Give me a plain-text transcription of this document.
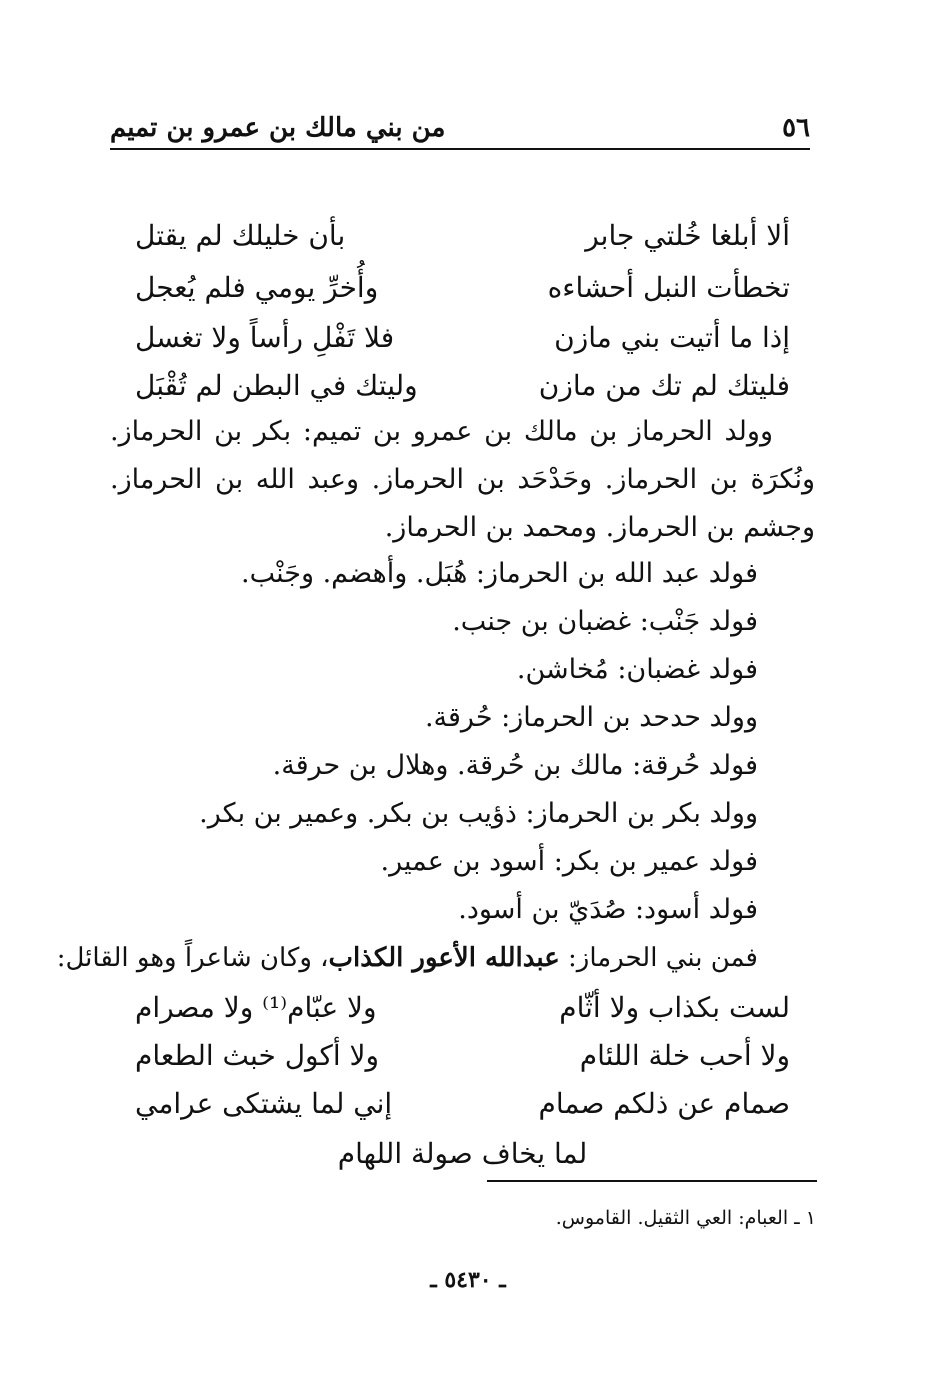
٥٦
من بني مالك بن عمرو بن تميم
ألا أبلغا خُلتي جابر
بأن خليلك لم يقتل
تخطأت النبل أحشاءه
وأُخرِّ يومي فلم يُعجل
إذا ما أتيت بني مازن
فلا تَفْلِ رأساً ولا تغسل
فليتك لم تك من مازن
وليتك في البطن لم تُقْبَل
وولد الحرماز بن مالك بن عمرو بن تميم: بكر بن الحرماز. ونُكرَة بن الحرماز. وحَدْحَد بن الحرماز. وعبد الله بن الحرماز. وجشم بن الحرماز. ومحمد بن الحرماز.
فولد عبد الله بن الحرماز: هُبَل. وأهضم. وجَنْب.
فولد جَنْب: غضبان بن جنب.
فولد غضبان: مُخاشن.
وولد حدحد بن الحرماز: حُرقة.
فولد حُرقة: مالك بن حُرقة. وهلال بن حرقة.
وولد بكر بن الحرماز: ذؤيب بن بكر. وعمير بن بكر.
فولد عمير بن بكر: أسود بن عمير.
فولد أسود: صُدَيّ بن أسود.
فمن بني الحرماز: عبدالله الأعور الكذاب، وكان شاعراً وهو القائل:
لست بكذاب ولا أثّام
ولا عبّام⁽¹⁾ ولا مصرام
ولا أحب خلة اللئام
ولا أكول خبث الطعام
صمام عن ذلكم صمام
إني لما يشتكى عرامي
لما يخاف صولة اللهام
١ ـ العبام: العي الثقيل. القاموس.
ـ ٥٤٣٠ ـ
